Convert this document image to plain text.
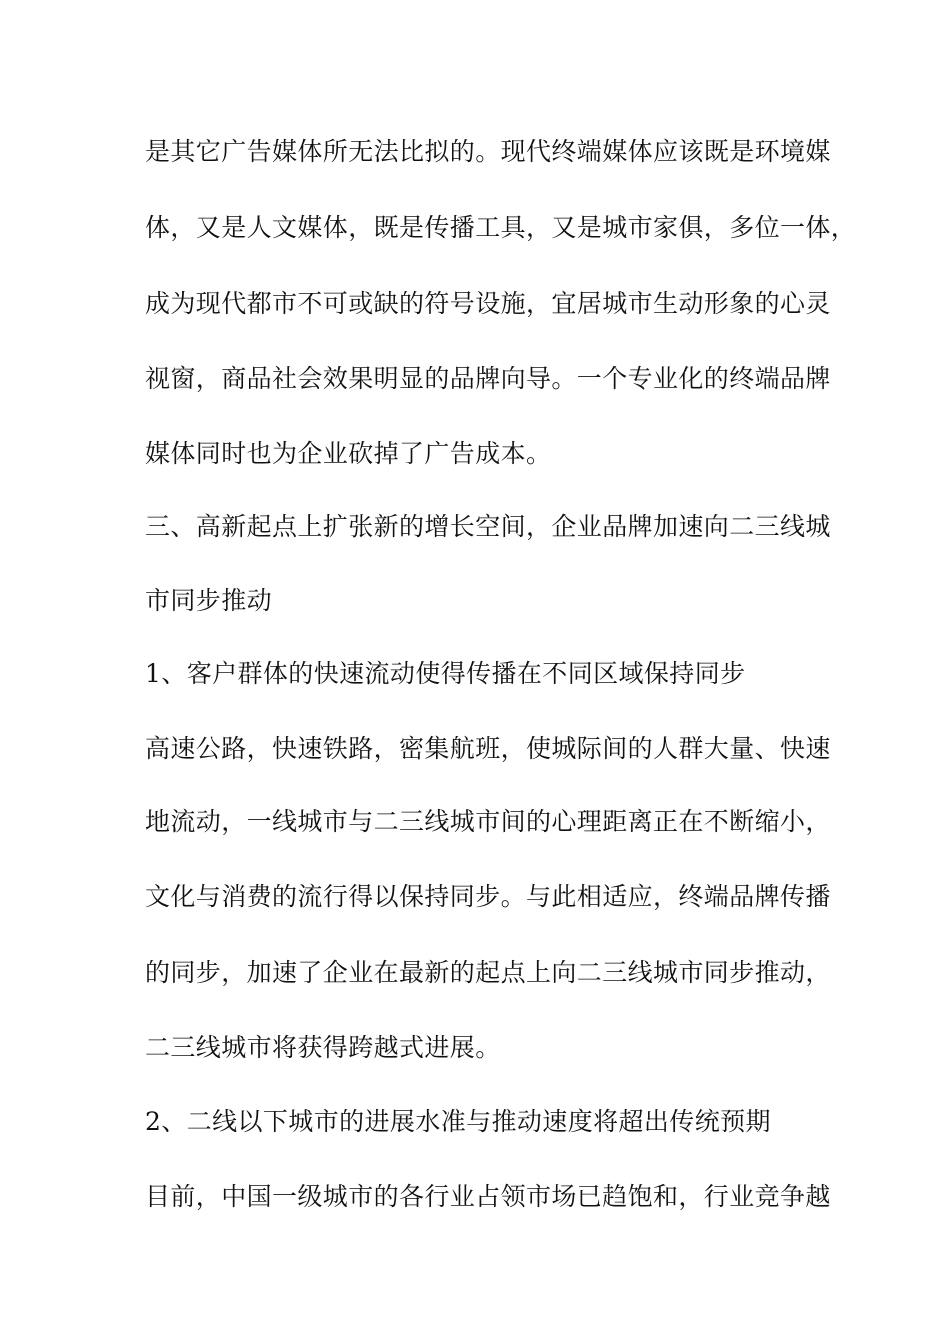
是其它广告媒体所无法比拟的。现代终端媒体应该既是环境媒
体，又是人文媒体，既是传播工具，又是城市家俱，多位一体，
成为现代都市不可或缺的符号设施，宜居城市生动形象的心灵
视窗，商品社会效果明显的品牌向导。一个专业化的终端品牌
媒体同时也为企业砍掉了广告成本。
三、高新起点上扩张新的增长空间，企业品牌加速向二三线城
市同步推动
1、客户群体的快速流动使得传播在不同区域保持同步
高速公路，快速铁路，密集航班，使城际间的人群大量、快速
地流动，一线城市与二三线城市间的心理距离正在不断缩小，
文化与消费的流行得以保持同步。与此相适应，终端品牌传播
的同步，加速了企业在最新的起点上向二三线城市同步推动，
二三线城市将获得跨越式进展。
2、二线以下城市的进展水准与推动速度将超出传统预期
目前，中国一级城市的各行业占领市场已趋饱和，行业竞争越
